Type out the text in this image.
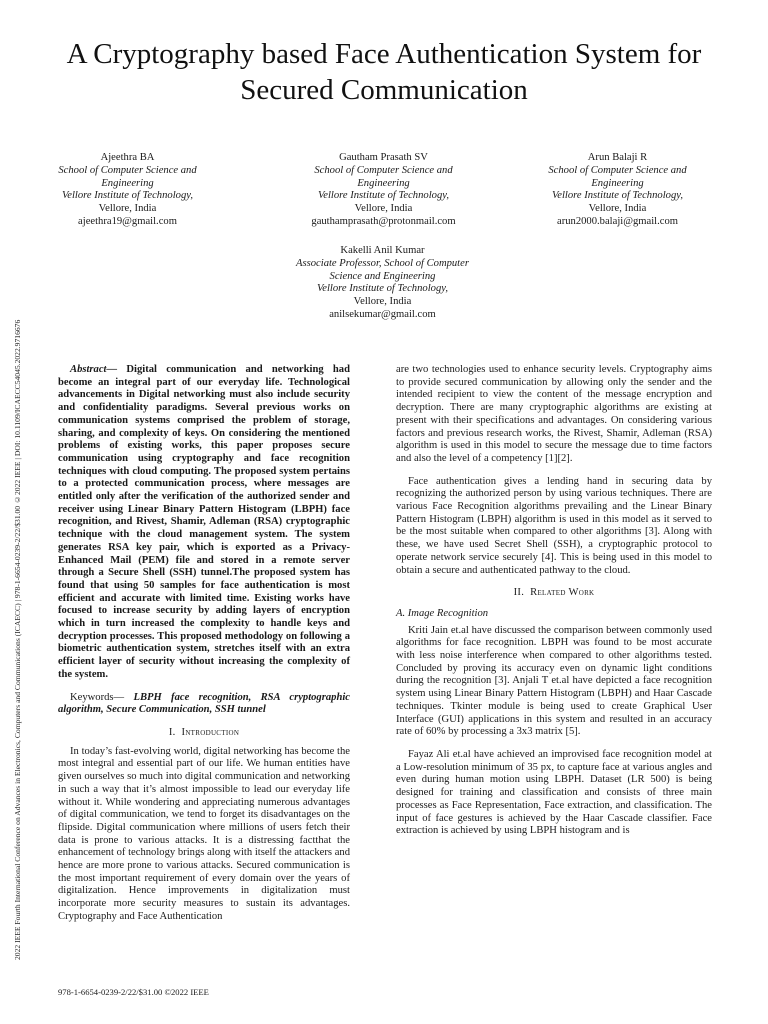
2022 IEEE Fourth International Conference on Advances in Electronics, Computers and Communications (ICAECC) | 978-1-6654-0239-2/22/$31.00 ©2022 IEEE | DOI: 10.1109/ICAECC54045.2022.9716676
A Cryptography based Face Authentication System for Secured Communication
Ajeethra BA
School of Computer Science and Engineering
Vellore Institute of Technology,
Vellore, India
ajeethra19@gmail.com
Gautham Prasath SV
School of Computer Science and Engineering
Vellore Institute of Technology,
Vellore, India
gauthamprasath@protonmail.com
Arun Balaji R
School of Computer Science and Engineering
Vellore Institute of Technology,
Vellore, India
arun2000.balaji@gmail.com
Kakelli Anil Kumar
Associate Professor, School of Computer Science and Engineering
Vellore Institute of Technology,
Vellore, India
anilsekumar@gmail.com

Abstract— Digital communication and networking had become an integral part of our everyday life. Technological advancements in Digital networking must also include security and confidentiality paradigms. Several previous works on communication systems comprised the problem of storage, sharing, and complexity of keys. On considering the mentioned problems of existing works, this paper proposes secure communication using cryptography and face recognition techniques with cloud computing. The proposed system pertains to a protected communication process, where messages are entitled only after the verification of the authorized sender and receiver using Linear Binary Pattern Histogram (LBPH) face recognition, and Rivest, Shamir, Adleman (RSA) cryptographic technique with the cloud management system. The system generates RSA key pair, which is exported as a Privacy-Enhanced Mail (PEM) file and stored in a remote server through a Secure Shell (SSH) tunnel.The proposed system has found that using 50 samples for face authentication is most efficient and accurate with limited time. Existing works have focused to increase security by adding layers of encryption which in turn increased the complexity to handle keys and decryption processes. This proposed methodology on following a biometric authentication system, stretches itself with an extra efficient layer of security without increasing the complexity of the system.

Keywords— LBPH face recognition, RSA cryptographic algorithm, Secure Communication, SSH tunnel

I. Introduction

In today’s fast-evolving world, digital networking has become the most integral and essential part of our life. We human entities have given ourselves so much into digital communication and networking in such a way that it’s almost impossible to lead our everyday life without it. While wondering and appreciating numerous advantages of digital communication, we tend to forget its disadvantages on the flipside. Digital communication where millions of users fetch their data is prone to various attacks. It is a distressing factthat the enhancement of technology brings along with itself the attackers and hence are more prone to various attacks. Secured communication is the most important requirement of every domain over the years of digitalization. Hence improvements in digitalization must incorporate more security measures to sustain its advantages. Cryptography and Face Authentication

are two technologies used to enhance security levels. Cryptography aims to provide secured communication by allowing only the sender and the intended recipient to view the content of the message encryption and decryption. There are many cryptographic algorithms are existing at present with their specifications and advantages. On considering various factors and previous research works, the Rivest, Shamir, Adleman (RSA) algorithm is used in this model to secure the message due to time factors and also the level of a competency [1][2].

Face authentication gives a lending hand in securing data by recognizing the authorized person by using various techniques. There are various Face Recognition algorithms prevailing and the Linear Binary Pattern Histogram (LBPH) algorithm is used in this model as it served to be the most suitable when compared to other algorithms [3]. Along with these, we have used Secret Shell (SSH), a cryptographic protocol to operate network service securely [4]. This is being used in this model to obtain a secure and authenticated pathway to the cloud.

II. Related Work
A. Image Recognition

Kriti Jain et.al have discussed the comparison between commonly used algorithms for face recognition. LBPH was found to be most accurate with less noise interference when compared to other algorithms tested. Concluded by proving its accuracy even on dynamic light conditions during the recognition [3]. Anjali T et.al have depicted a face recognition system using Linear Binary Pattern Histogram (LBPH) and Haar Cascade techniques. Tkinter module is being used to create Graphical User Interface (GUI) applications in this system and resulted in an accuracy rate of 60% by processing a 3x3 matrix [5].

Fayaz Ali et.al have achieved an improvised face recognition model at a Low-resolution minimum of 35 px, to capture face at various angles and even during human motion using LBPH. Dataset (LR 500) is being designed for training and classification and consists of three main processes as Face Representation, Face extraction, and classification. The input of face gestures is achieved by the Haar Cascade classifier. Face extraction is achieved by using LBPH histogram and is

978-1-6654-0239-2/22/$31.00 ©2022 IEEE
